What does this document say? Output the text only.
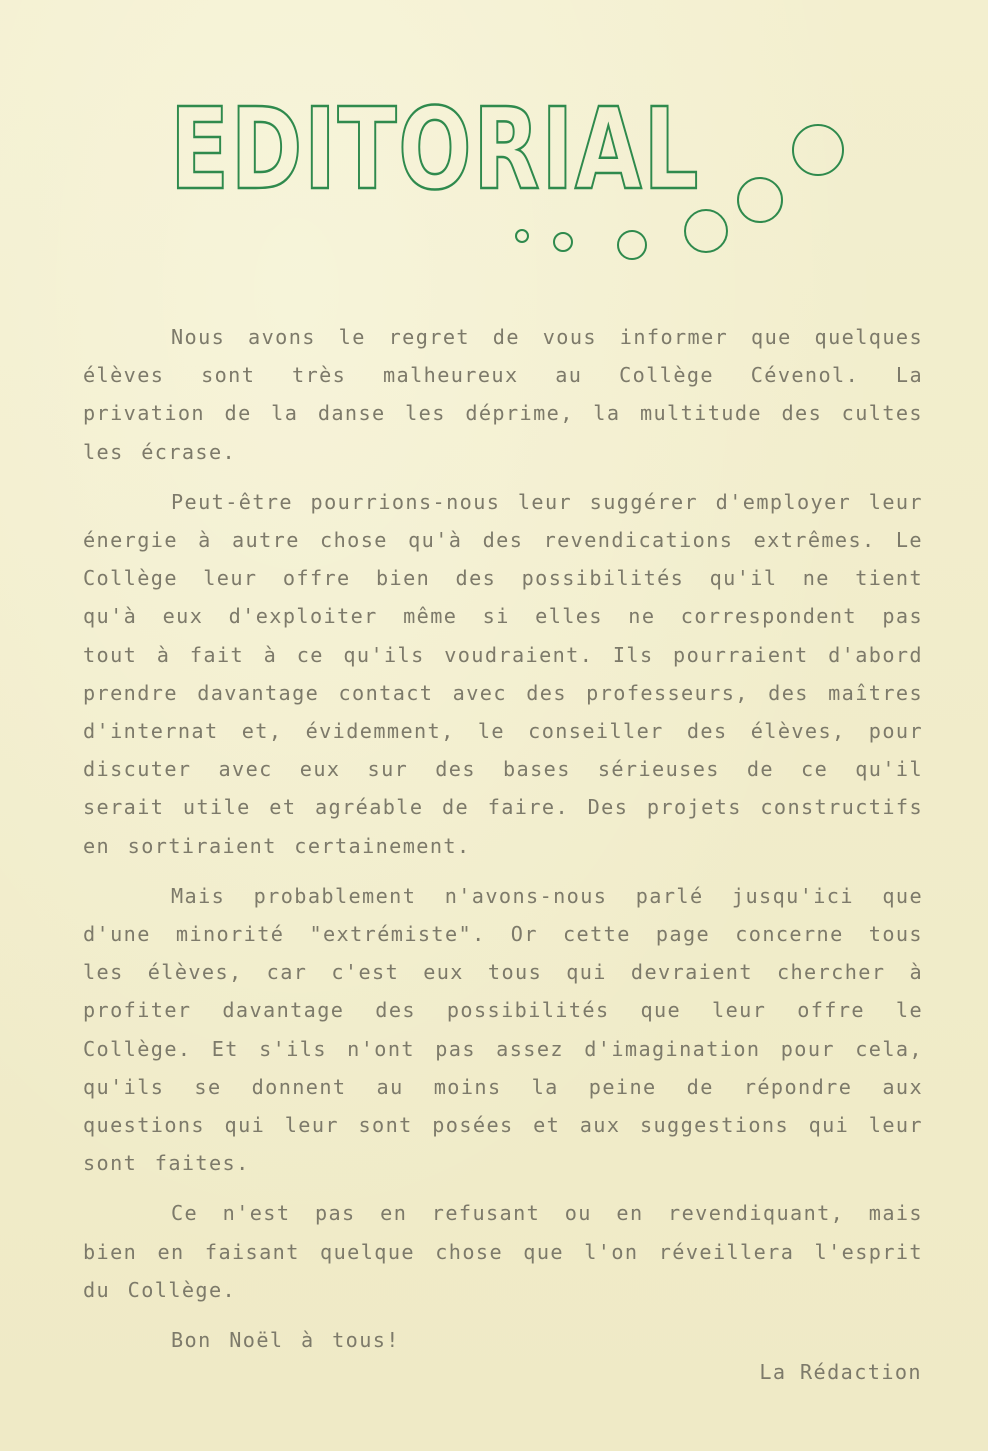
EDITORIAL

Nous avons le regret de vous informer que quelques élèves sont très malheureux au Collège Cévenol. La privation de la danse les déprime, la multitude des cultes les écrase.

Peut-être pourrions-nous leur suggérer d'employer leur énergie à autre chose qu'à des revendications extrêmes. Le Collège leur offre bien des possibilités qu'il ne tient qu'à eux d'exploiter même si elles ne correspondent pas tout à fait à ce qu'ils voudraient. Ils pourraient d'abord prendre davantage contact avec des professeurs, des maîtres d'internat et, évidemment, le conseiller des élèves, pour discuter avec eux sur des bases sérieuses de ce qu'il serait utile et agréable de faire. Des projets constructifs en sortiraient certainement.

Mais probablement n'avons-nous parlé jusqu'ici que d'une minorité "extrémiste". Or cette page concerne tous les élèves, car c'est eux tous qui devraient chercher à profiter davantage des possibilités que leur offre le Collège. Et s'ils n'ont pas assez d'imagination pour cela, qu'ils se donnent au moins la peine de répondre aux questions qui leur sont posées et aux suggestions qui leur sont faites.

Ce n'est pas en refusant ou en revendiquant, mais bien en faisant quelque chose que l'on réveillera l'esprit du Collège.

Bon Noël à tous!

La Rédaction
